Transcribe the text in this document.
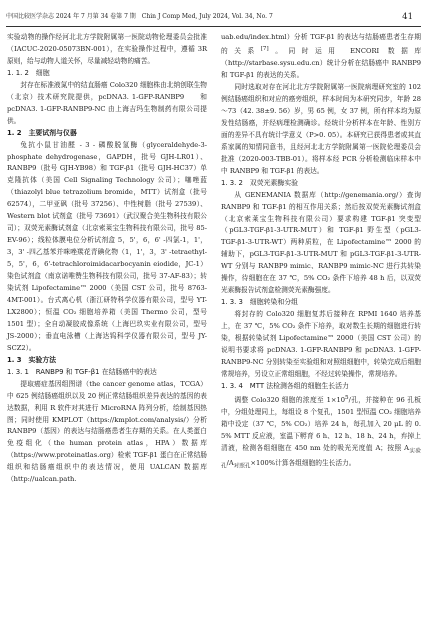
中国比较医学杂志 2024 年 7 月第 34 卷第 7 期　Chin J Comp Med, July 2024, Vol. 34, No. 7	41

实验动物的操作经河北北方学院附属第一医院动物伦理委员会批准（IACUC-2020-05073BN-001），在实验操作过程中，遵循 3R 原则，给与动物人道关怀，尽量减轻动物的痛苦。

1. 1. 2　细胞

封存在标准液氮中的结直肠癌 Colo320 细胞株由北纳创联生物（北京）技术研究院提供，pcDNA3. 1-GFP-RANBP9　　和　　pcDNA3. 1-GFP-RANBP9-NC 由上海吉玛生物制药有限公司提供。

1. 2　主要试剂与仪器

兔抗小鼠甘油醛 - 3 - 磷酸脱氢酶（glyceraldehyde-3-phosphate dehydrogenase，GAPDH，批号 GJH-LR01）、RANBP9（批号 GJH-YB98）和 TGF-β1（批号 GJH-HC37）单克隆抗体（美国 Cell Signaling Technology 公司）；噻唑蓝（thiazolyl blue tetrazolium bromide，MTT）试剂盒（批号 62574），二甲亚砜（批号 37256）、中性树脂（批号 27539）、Western blot 试剂盒（批号 73691）（武汉聚合美生物科技有限公司）；双荧光素酶试剂盒（北京索莱宝生物科技有限公司，批号 85-EV-96）；线粒体膜电位分析试剂盒 5，5'，6，6' -四氯-1，1'，3，3' -四乙基苯并咪唑羰花青碘化物（1，1'，3，3' -tetraethyl-5，5'，6，6'-tetrachloroimidacarbocyanin eiodide，JC-1）染色试剂盒（南京诺唯赞生物科技有限公司，批号 37-AF-83）；转染试剂 Lipofectamine™ 2000（美国 CST 公司，批号 8763-4MT-001）。台式离心机（浙江研特科学仪器有限公司，型号 YT-LX2800）；恒温 CO₂ 细胞培养箱（美国 Thermo 公司，型号 1501 型）；全自动凝胶成像系统（上海巴玖实业有限公司，型号 JS-2000）；垂直电泳槽（上海达钨科学仪器有限公司，型号 JY-SCZ2）。

1. 3　实验方法
1. 3. 1　RANBP9 和 TGF-β1 在结肠癌中的表达

提取癌症基因组图谱（the cancer genome atlas，TCGA）中 625 例结肠癌组织以及 20 例正常结肠组织差异表达的基因的表达数据，利用 R 软件对其进行 MicroRNA 阵列分析，绘制基因热图；同时使用 KMPLOT（https://kmplot.com/analysis/）分析 RANBP9（基因）的表达与结肠癌患者生存期的关系。在人类蛋白免疫组化（the human protein atlas，HPA）数据库（https://www.proteinatlas.org）检索 TGF-β1 蛋白在正常结肠组织和结肠癌组织中的表达情况，使用 UALCAN 数据库（http://ualcan.path.

uab.edu/index.html）分析 TGF-β1 的表达与结肠癌患者生存期的关系[7]。同时运用 ENCORI 数据库（http://starbase.sysu.edu.cn）统计分析在结肠癌中 RANBP9 和 TGF-β1 的表达的关系。

同时选取对存在河北北方学院附属第一医院病理研究室的 102 例结肠癌组织和对应的癌旁组织，样本时间为本研究同步，年龄 28～73（42. 38±9. 56）岁，男 65 例，女 37 例，所有样本均为原发性结肠癌，并经病理检测确诊。经统计分析样本在年龄、性别方面的差异不具有统计学意义（P>0. 05）。本研究已获得患者或其直系家属的知情同意书，且经河北北方学院附属第一医院伦理委员会批准（2020-003-TBB-01）。将样本经 PCR 分析检测临床样本中中 RANBP9 和 TGF-β1 的表达。

1. 3. 2　双荧光素酶实验

从 GENEMANIA 数据库（http://genemania.org/）查询 RANBP9 和 TGF-β1 的相互作用关系；然后按双荧光素酶试剂盒（北京索莱宝生物科技有限公司）要求构建 TGF-β1 突变型（pGL3-TGF-β1-3-UTR-MUT）和 TGF-β1 野生型（pGL3-TGF-β1-3-UTR-WT）两种质粒，在 Lipofectamine™ 2000 的辅助下，pGL3-TGF-β1-3-UTR-MUT 和 pGL3-TGF-β1-3-UTR-WT 分别与 RANBP9 mimic、RANBP9 mimic-NC 进行共转染操作，待细胞在在 37 ℃，5% CO₂ 条件下培养 48 h 后，以双荧光素酶报告试剂盒检测荧光素酶强度。

1. 3. 3　细胞转染和分组

将封存的 Colo320 细胞复苏后接种在 RPMI 1640 培养基上，在 37 ℃，5% CO₂ 条件下培养，取对数生长期的细胞进行转染，根据转染试剂 Lipofectamine™ 2000（美国 CST 公司）的说明书要求将 pcDNA3. 1-GFP-RANBP9 和 pcDNA3. 1-GFP-RANBP9-NC 分别转染至实验组和对照组细胞中，转染完成后细胞常规培养，另设立正常组细胞，不经过转染操作，常规培养。

1. 3. 4　MTT 法检测各组的细胞生长活力

调整 Colo320 细胞的浓度至 $1\times 10^5/$孔，并接种在 96 孔板中，分组处理同上，每组设 8 个复孔，1501 型恒温 CO₂ 细胞培养箱中设定（37 ℃，5% CO₂）培养 24 h，每孔加入 20 μL 的 0. 5% MTT 反应液，室温下孵育 6 h、12 h、18 h、24 h，弃掉上清液，检测各组细胞在 450 nm 处的吸光光度值 A；按照 $A_{实验孔}/A_{对照孔}\times 100\%$计算各组细胞的生长活力。
